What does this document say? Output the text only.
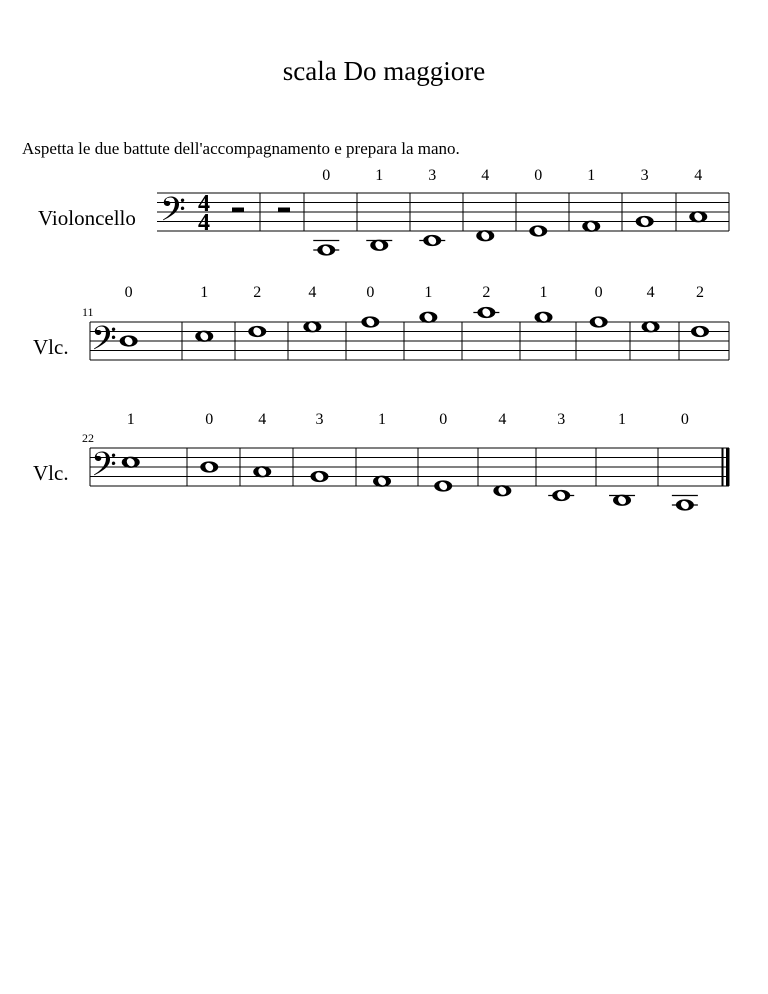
scala Do maggiore
Aspetta le due battute dell'accompagnamento e prepara la mano.
Violoncello 𝄢 4
4
0	1	3	4	0	1	3	4
Vlc.
11
𝄢
0	1	2	4	0	1	2	1	0	4	2
Vlc.
22
𝄢
1	0	4	3	1	0	4	3	1	0
